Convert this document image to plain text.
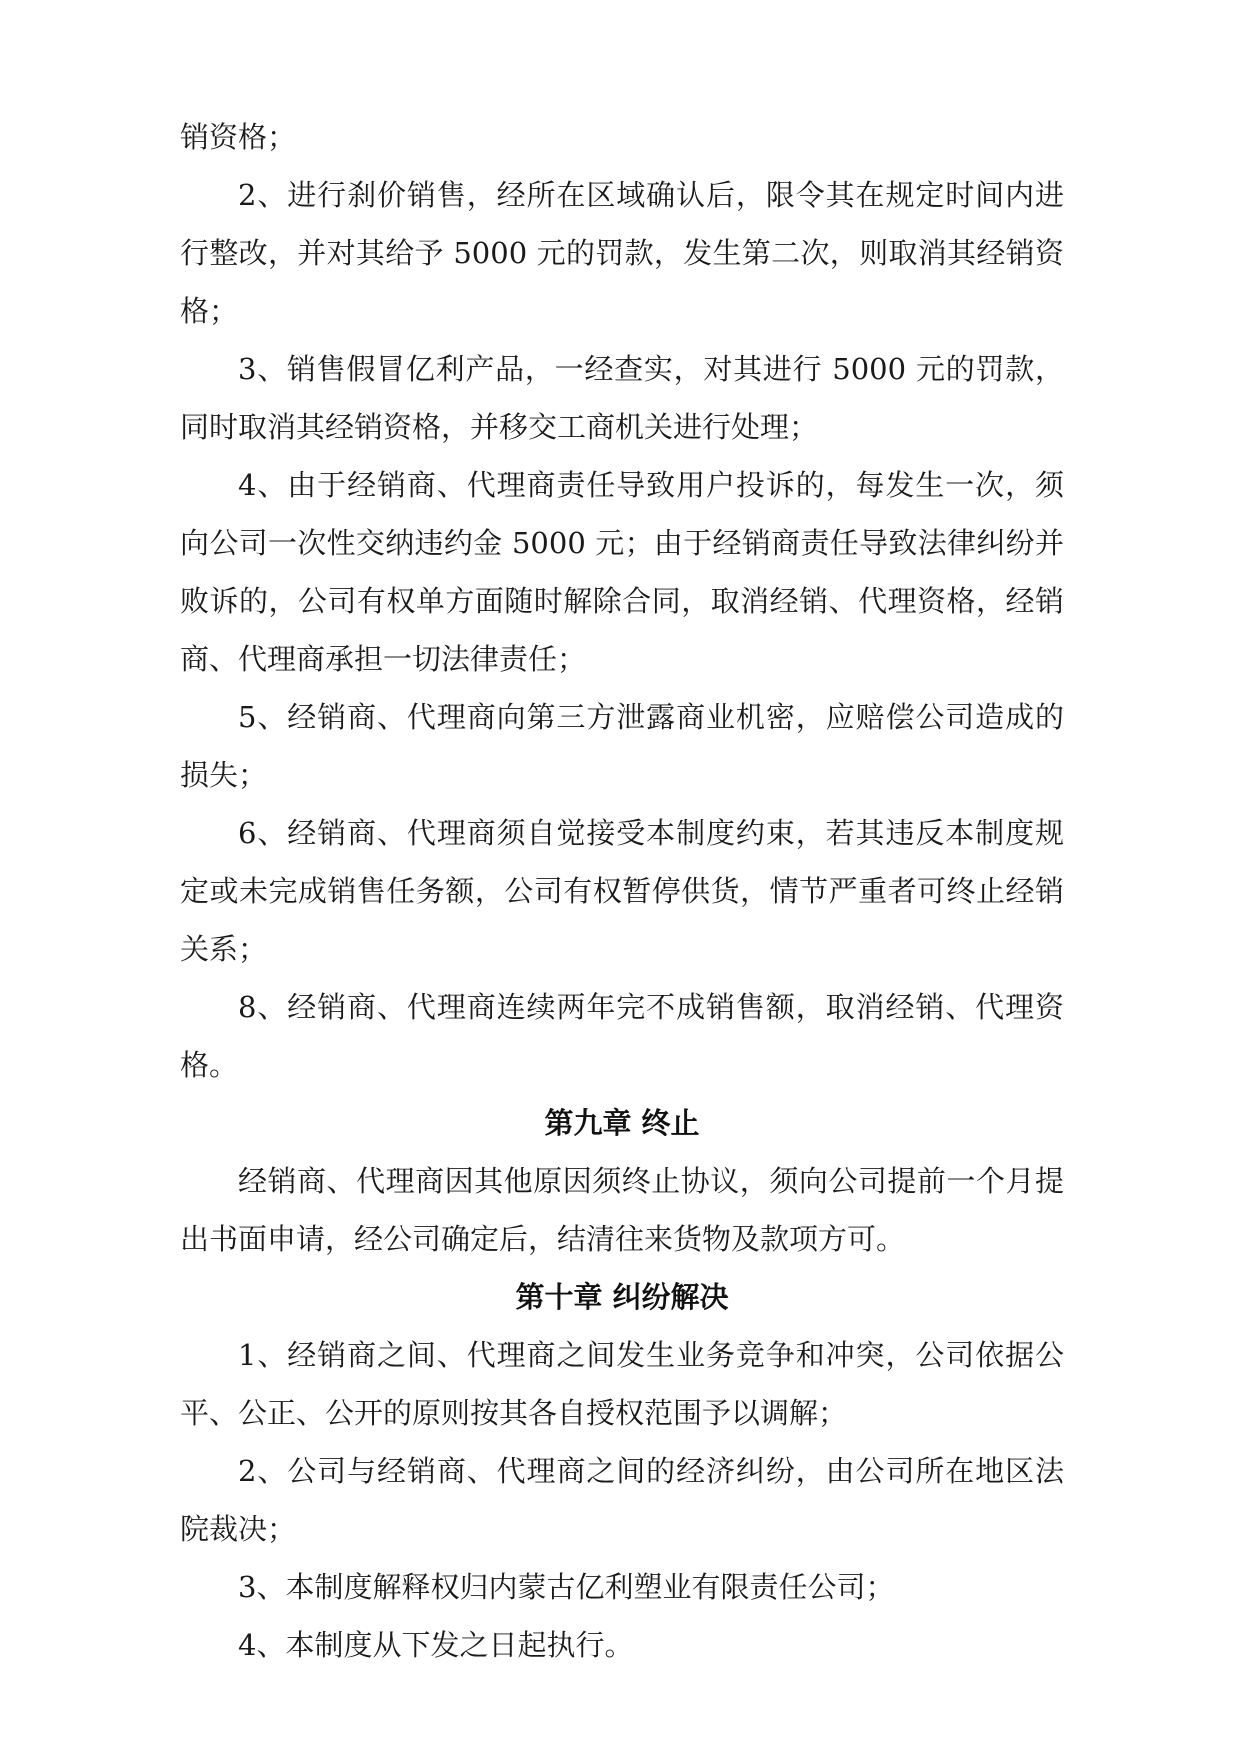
销资格；

2、进行刹价销售，经所在区域确认后，限令其在规定时间内进行整改，并对其给予 5000 元的罚款，发生第二次，则取消其经销资格；

3、销售假冒亿利产品，一经查实，对其进行 5000 元的罚款，同时取消其经销资格，并移交工商机关进行处理；

4、由于经销商、代理商责任导致用户投诉的，每发生一次，须向公司一次性交纳违约金 5000 元；由于经销商责任导致法律纠纷并败诉的，公司有权单方面随时解除合同，取消经销、代理资格，经销商、代理商承担一切法律责任；

5、经销商、代理商向第三方泄露商业机密，应赔偿公司造成的损失；

6、经销商、代理商须自觉接受本制度约束，若其违反本制度规定或未完成销售任务额，公司有权暂停供货，情节严重者可终止经销关系；

8、经销商、代理商连续两年完不成销售额，取消经销、代理资格。

第九章 终止

经销商、代理商因其他原因须终止协议，须向公司提前一个月提出书面申请，经公司确定后，结清往来货物及款项方可。

第十章 纠纷解决

1、经销商之间、代理商之间发生业务竞争和冲突，公司依据公平、公正、公开的原则按其各自授权范围予以调解；

2、公司与经销商、代理商之间的经济纠纷，由公司所在地区法院裁决；

3、本制度解释权归内蒙古亿利塑业有限责任公司；

4、本制度从下发之日起执行。
